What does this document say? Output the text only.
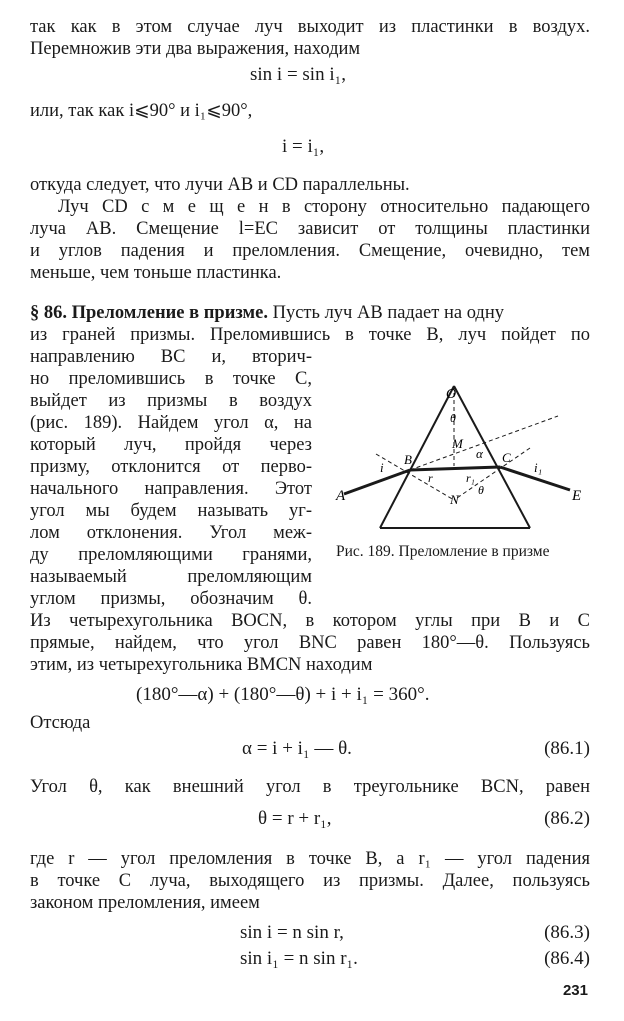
так как в этом случае луч выходит из пластинки в воздух.
Перемножив эти два выражения, находим
sin i = sin i₁,
или, так как i⩽90° и i₁⩽90°,
i = i₁,
откуда следует, что лучи AB и CD параллельны.
Луч CD с м е щ е н в сторону относительно падающего
луча AB. Смещение l=EC зависит от толщины пластинки
и углов падения и преломления. Смещение, очевидно, тем
меньше, чем тоньше пластинка.
§ 86. Преломление в призме. Пусть луч AB падает на одну
из граней призмы. Преломившись в точке B, луч пойдет по
направлению BC и, вторич-
но преломившись в точке C,
выйдет из призмы в воздух
(рис. 189). Найдем угол α, на
который луч, пройдя через
призму, отклонится от перво-
начального направления. Этот
угол мы будем называть уг-
лом отклонения. Угол меж-
ду преломляющими гранями,
называемый преломляющим
углом призмы, обозначим θ.
Из четырехугольника BOCN, в котором углы при B и C
прямые, найдем, что угол BNC равен 180°—θ. Пользуясь
этим, из четырехугольника BMCN находим
(180°—α) + (180°—θ) + i + i₁ = 360°.
Отсюда
α = i + i₁ — θ.	(86.1)
Угол θ, как внешний угол в треугольнике BCN, равен
θ = r + r₁,	(86.2)
где r — угол преломления в точке B, а r₁ — угол падения
в точке C луча, выходящего из призмы. Далее, пользуясь
законом преломления, имеем
sin i = n sin r,	(86.3)
sin i₁ = n sin r₁.	(86.4)
O
θ
M
α
B	C
i	i₁
r	r₁
N
θ
A	E
Рис. 189. Преломление в призме
231
